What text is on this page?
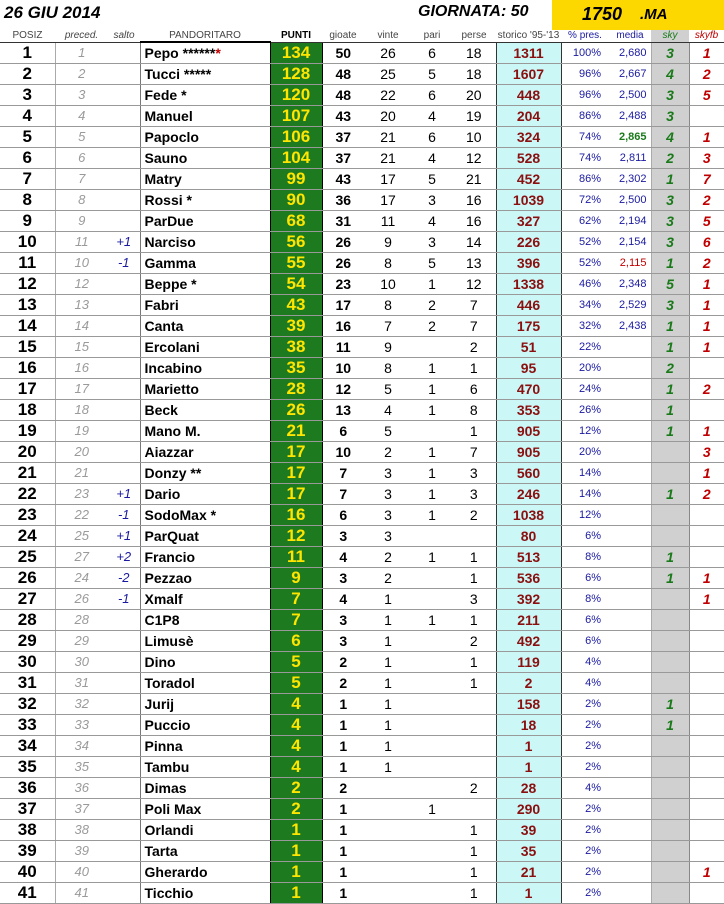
26 GIU 2014	GIORNATA: 50	1750 .MA
POSIZ	preced.	salto	PANDORITARO	PUNTI	gioate	vinte	pari	perse	storico '95-'13	% pres.	media	sky	skyfb
1	1		Pepo *******	134	50	26	6	18	1311	100%	2,680	3	1
2	2		Tucci *****	128	48	25	5	18	1607	96%	2,667	4	2
3	3		Fede *	120	48	22	6	20	448	96%	2,500	3	5
4	4		Manuel	107	43	20	4	19	204	86%	2,488	3	
5	5		Papoclo	106	37	21	6	10	324	74%	2,865	4	1
6	6		Sauno	104	37	21	4	12	528	74%	2,811	2	3
7	7		Matry	99	43	17	5	21	452	86%	2,302	1	7
8	8		Rossi *	90	36	17	3	16	1039	72%	2,500	3	2
9	9		ParDue	68	31	11	4	16	327	62%	2,194	3	5
10	11	+1	Narciso	56	26	9	3	14	226	52%	2,154	3	6
11	10	-1	Gamma	55	26	8	5	13	396	52%	2,115	1	2
12	12		Beppe *	54	23	10	1	12	1338	46%	2,348	5	1
13	13		Fabri	43	17	8	2	7	446	34%	2,529	3	1
14	14		Canta	39	16	7	2	7	175	32%	2,438	1	1
15	15		Ercolani	38	11	9		2	51	22%		1	1
16	16		Incabino	35	10	8	1	1	95	20%		2	
17	17		Marietto	28	12	5	1	6	470	24%		1	2
18	18		Beck	26	13	4	1	8	353	26%		1	
19	19		Mano M.	21	6	5		1	905	12%		1	1
20	20		Aiazzar	17	10	2	1	7	905	20%			3
21	21		Donzy **	17	7	3	1	3	560	14%			1
22	23	+1	Dario	17	7	3	1	3	246	14%		1	2
23	22	-1	SodoMax *	16	6	3	1	2	1038	12%			
24	25	+1	ParQuat	12	3	3			80	6%			
25	27	+2	Francio	11	4	2	1	1	513	8%		1	
26	24	-2	Pezzao	9	3	2		1	536	6%		1	1
27	26	-1	Xmalf	7	4	1		3	392	8%			1
28	28		C1P8	7	3	1	1	1	211	6%			
29	29		Limusè	6	3	1		2	492	6%			
30	30		Dino	5	2	1		1	119	4%			
31	31		Toradol	5	2	1		1	2	4%			
32	32		Jurij	4	1	1			158	2%		1	
33	33		Puccio	4	1	1			18	2%		1	
34	34		Pinna	4	1	1			1	2%			
35	35		Tambu	4	1	1			1	2%			
36	36		Dimas	2	2			2	28	4%			
37	37		Poli Max	2	1		1		290	2%			
38	38		Orlandi	1	1			1	39	2%			
39	39		Tarta	1	1			1	35	2%			
40	40		Gherardo	1	1			1	21	2%			1
41	41		Ticchio	1	1			1	1	2%			
